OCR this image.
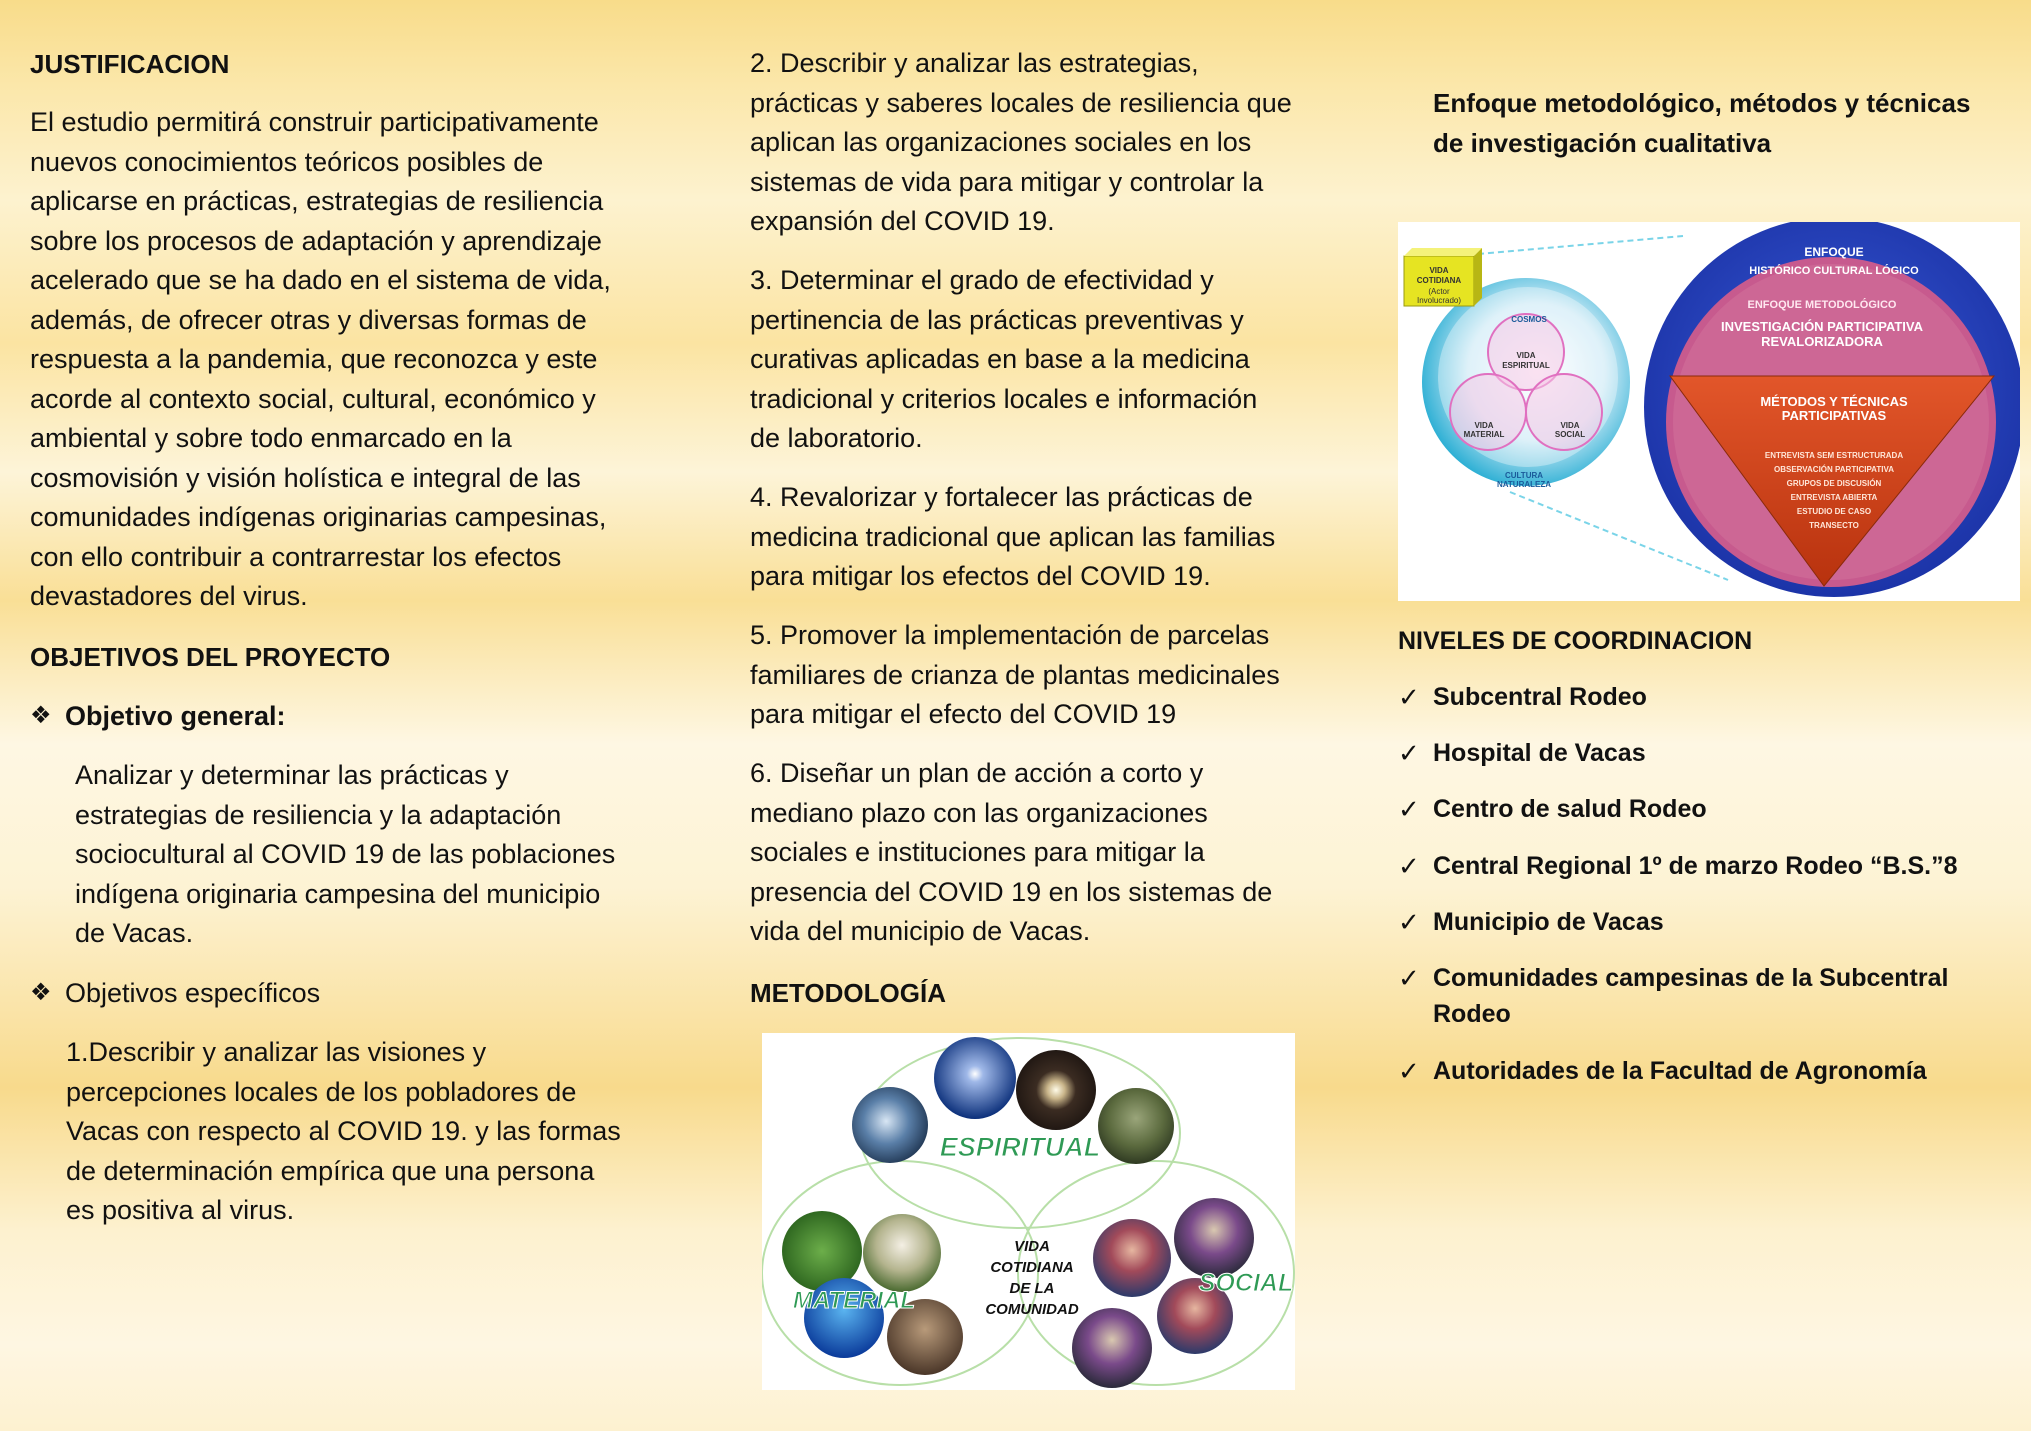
JUSTIFICACION
El estudio permitirá construir participativamente
nuevos conocimientos teóricos posibles de
aplicarse en prácticas, estrategias de resiliencia
sobre los procesos de adaptación y aprendizaje
acelerado que se ha dado en el sistema de vida,
además, de ofrecer otras y diversas formas de
respuesta a la pandemia, que reconozca y este
acorde al contexto social, cultural, económico y
ambiental y sobre todo enmarcado en la
cosmovisión y visión holística e integral de las
comunidades indígenas originarias campesinas,
con ello contribuir a contrarrestar los efectos
devastadores del virus.
OBJETIVOS DEL PROYECTO
❖ Objetivo general:
Analizar y determinar las prácticas y
estrategias de resiliencia y la adaptación
sociocultural al COVID 19 de las poblaciones
indígena originaria campesina del municipio
de Vacas.
❖ Objetivos específicos
1.Describir y analizar las visiones y
percepciones locales de los pobladores de
Vacas con respecto al COVID 19. y las formas
de determinación empírica que una persona
es positiva al virus.
2. Describir y analizar las estrategias,
prácticas y saberes locales de resiliencia que
aplican las organizaciones sociales en los
sistemas de vida para mitigar y controlar la
expansión del COVID 19.
3. Determinar el grado de efectividad y
pertinencia de las prácticas preventivas y
curativas aplicadas en base a la medicina
tradicional y criterios locales e información
de laboratorio.
4. Revalorizar y fortalecer las prácticas de
medicina tradicional que aplican las familias
para mitigar los efectos del COVID 19.
5. Promover la implementación de parcelas
familiares de crianza de plantas medicinales
para mitigar el efecto del COVID 19
6. Diseñar un plan de acción a corto y
mediano plazo con las organizaciones
sociales e instituciones para mitigar la
presencia del COVID 19 en los sistemas de
vida del municipio de Vacas.
METODOLOGÍA
ESPIRITUAL
MATERIAL
SOCIAL
VIDA
COTIDIANA
DE LA
COMUNIDAD
Enfoque metodológico, métodos y técnicas
de investigación cualitativa
VIDA
COTIDIANA
(Actor
Involucrado)
COSMOS
VIDA
ESPIRITUAL
VIDA
MATERIAL
VIDA
SOCIAL
CULTURA
NATURALEZA
ENFOQUE
HISTÓRICO CULTURAL LÓGICO
ENFOQUE METODOLÓGICO
INVESTIGACIÓN PARTICIPATIVA
REVALORIZADORA
MÉTODOS Y TÉCNICAS
PARTICIPATIVAS
ENTREVISTA SEM ESTRUCTURADA
OBSERVACIÓN PARTICIPATIVA
GRUPOS DE DISCUSIÓN
ENTREVISTA ABIERTA
ESTUDIO DE CASO
TRANSECTO
NIVELES DE COORDINACION
✓ Subcentral Rodeo
✓ Hospital de Vacas
✓ Centro de salud Rodeo
✓ Central Regional 1º de marzo Rodeo “B.S.”8
✓ Municipio de Vacas
✓ Comunidades campesinas de la Subcentral
Rodeo
✓ Autoridades de la Facultad de Agronomía
